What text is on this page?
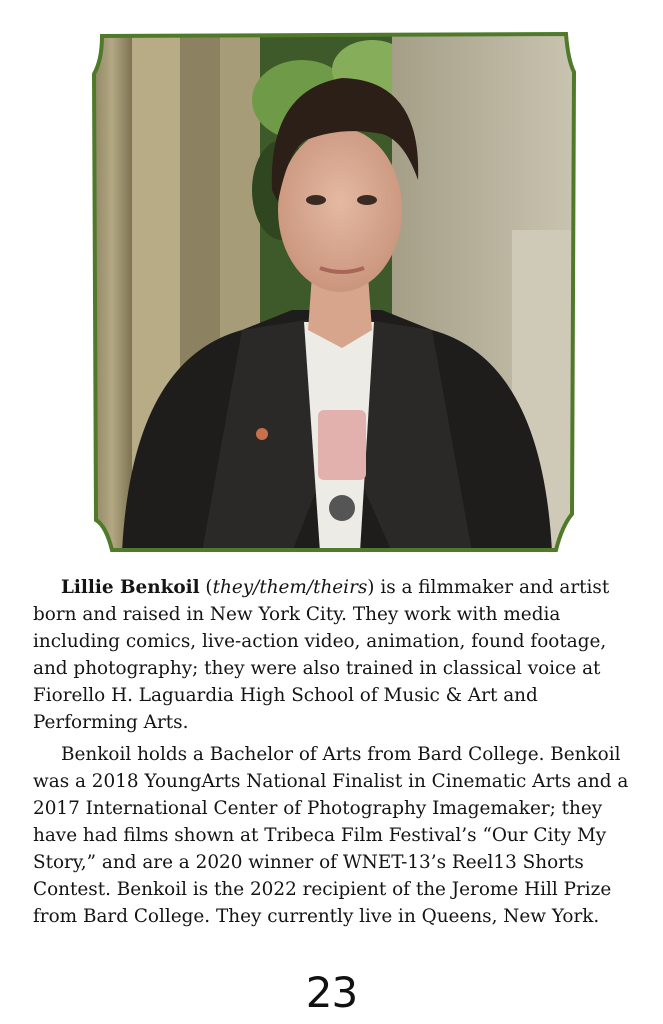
Lillie Benkoil (they/them/theirs) is a filmmaker and artist born and raised in New York City. They work with media including comics, live-action video, animation, found footage, and photography; they were also trained in classical voice at Fiorello H. Laguardia High School of Music & Art and Performing Arts.

Benkoil holds a Bachelor of Arts from Bard College. Benkoil was a 2018 YoungArts National Finalist in Cinematic Arts and a 2017 International Center of Photography Imagemaker; they have had films shown at Tribeca Film Festival’s “Our City My Story,” and are a 2020 winner of WNET-13’s Reel13 Shorts Contest. Benkoil is the 2022 recipient of the Jerome Hill Prize from Bard College. They currently live in Queens, New York.

23
